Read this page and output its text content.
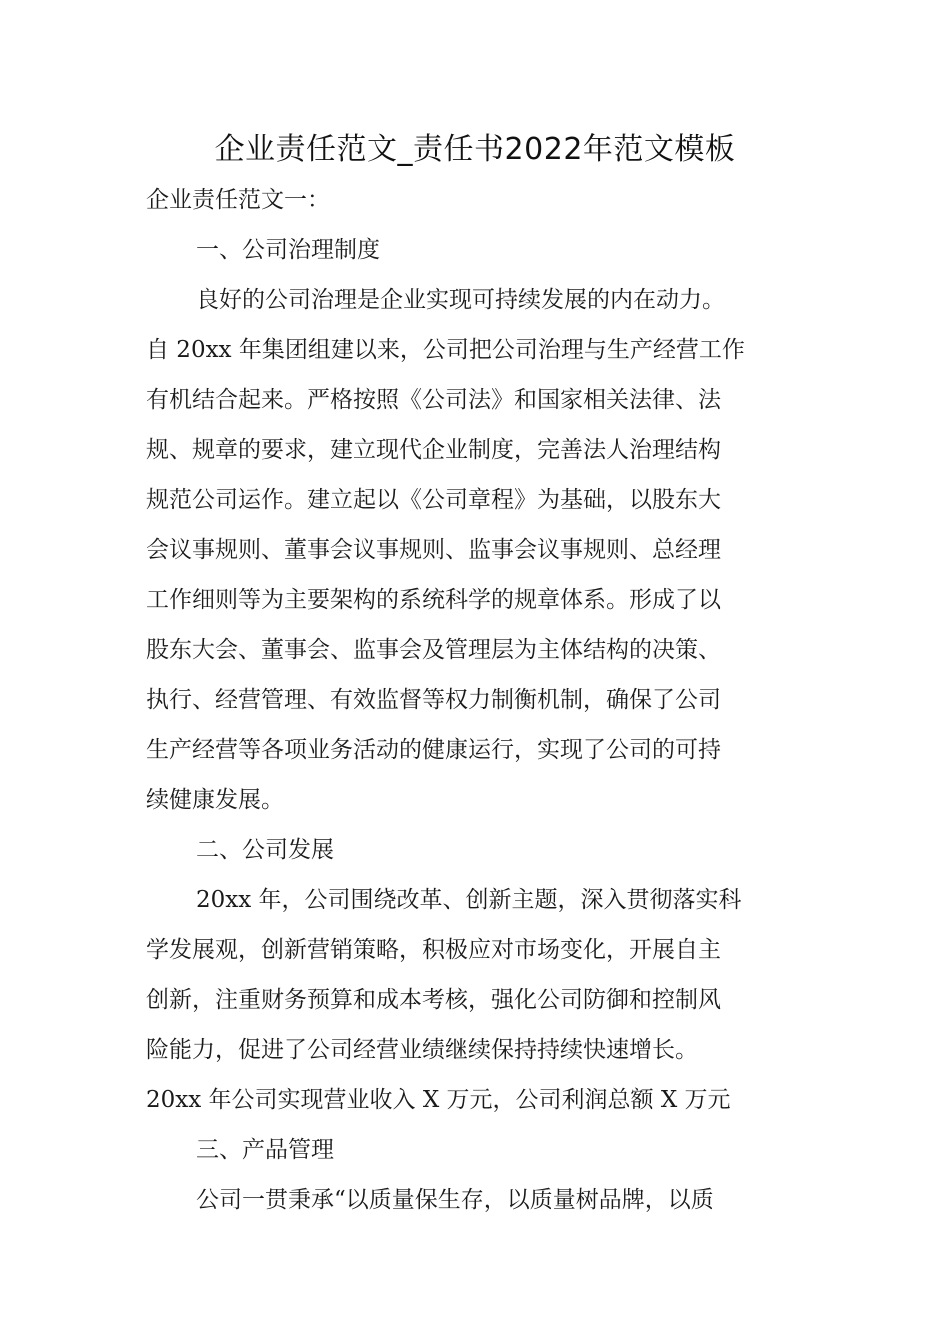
企业责任范文_责任书2022年范文模板

企业责任范文一：

一、公司治理制度

良好的公司治理是企业实现可持续发展的内在动力。

自 20xx 年集团组建以来，公司把公司治理与生产经营工作

有机结合起来。严格按照《公司法》和国家相关法律、法

规、规章的要求，建立现代企业制度，完善法人治理结构

规范公司运作。建立起以《公司章程》为基础，以股东大

会议事规则、董事会议事规则、监事会议事规则、总经理

工作细则等为主要架构的系统科学的规章体系。形成了以

股东大会、董事会、监事会及管理层为主体结构的决策、

执行、经营管理、有效监督等权力制衡机制，确保了公司

生产经营等各项业务活动的健康运行，实现了公司的可持

续健康发展。

二、公司发展

20xx 年，公司围绕改革、创新主题，深入贯彻落实科

学发展观，创新营销策略，积极应对市场变化，开展自主

创新，注重财务预算和成本考核，强化公司防御和控制风

险能力，促进了公司经营业绩继续保持持续快速增长。

20xx 年公司实现营业收入 X 万元，公司利润总额 X 万元

三、产品管理

公司一贯秉承“以质量保生存，以质量树品牌，以质
